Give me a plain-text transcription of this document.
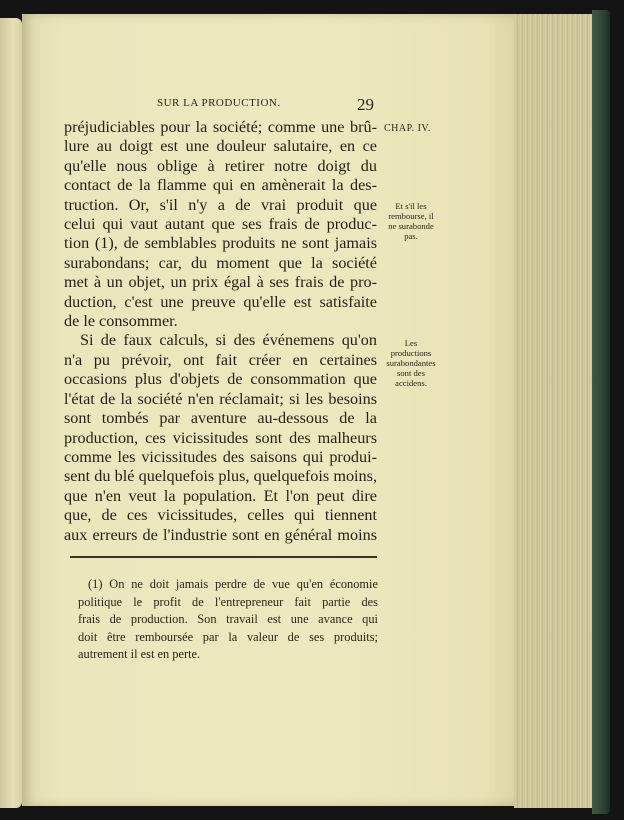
SUR LA PRODUCTION.	29
CHAP. IV.
Et s'il les
rembourse, il
ne surabonde
pas.
Les
productions
surabondantes
sont des
accidens.
préjudiciables pour la société; comme une brû-
lure au doigt est une douleur salutaire, en ce
qu'elle nous oblige à retirer notre doigt du
contact de la flamme qui en amènerait la des-
truction. Or, s'il n'y a de vrai produit que
celui qui vaut autant que ses frais de produc-
tion (1), de semblables produits ne sont jamais
surabondans; car, du moment que la société
met à un objet, un prix égal à ses frais de pro-
duction, c'est une preuve qu'elle est satisfaite
de le consommer.
Si de faux calculs, si des événemens qu'on
n'a pu prévoir, ont fait créer en certaines
occasions plus d'objets de consommation que
l'état de la société n'en réclamait; si les besoins
sont tombés par aventure au-dessous de la
production, ces vicissitudes sont des malheurs
comme les vicissitudes des saisons qui produi-
sent du blé quelquefois plus, quelquefois moins,
que n'en veut la population. Et l'on peut dire
que, de ces vicissitudes, celles qui tiennent
aux erreurs de l'industrie sont en général moins
(1) On ne doit jamais perdre de vue qu'en économie
politique le profit de l'entrepreneur fait partie des
frais de production. Son travail est une avance qui
doit être remboursée par la valeur de ses produits;
autrement il est en perte.
